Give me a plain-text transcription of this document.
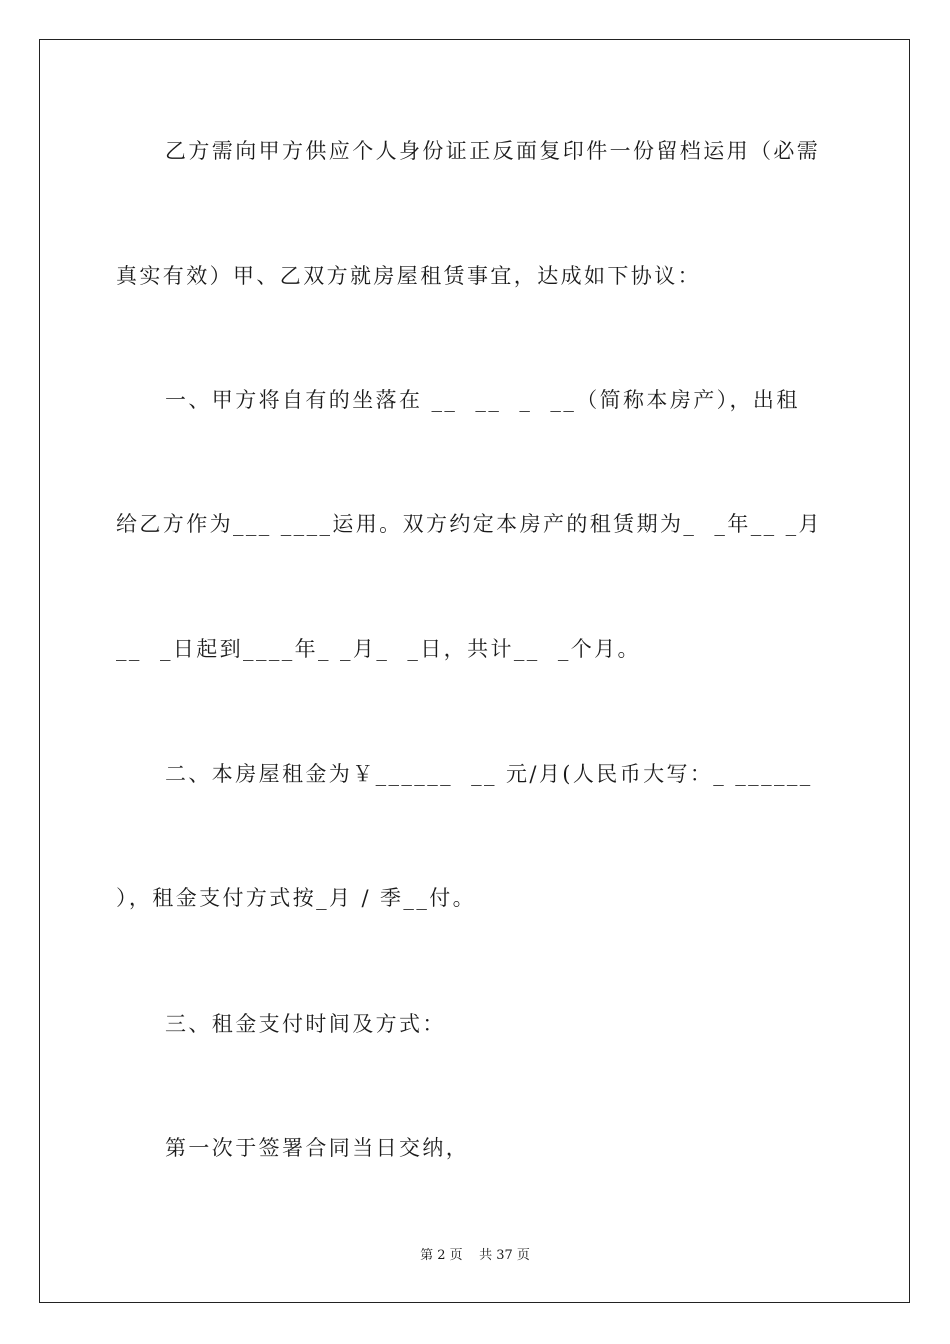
乙方需向甲方供应个人身份证正反面复印件一份留档运用（必需
真实有效）甲、乙双方就房屋租赁事宜，达成如下协议：
一、甲方将自有的坐落在 __  __  _  __（简称本房产），出租
给乙方作为___ ____运用。双方约定本房产的租赁期为_  _年__ _月
__  _日起到____年_ _月_  _日，共计__  _个月。
二、本房屋租金为￥______  __ 元/月(人民币大写：_ ______
），租金支付方式按_月 / 季__付。
三、租金支付时间及方式：
第一次于签署合同当日交纳，
第 2 页    共 37 页
